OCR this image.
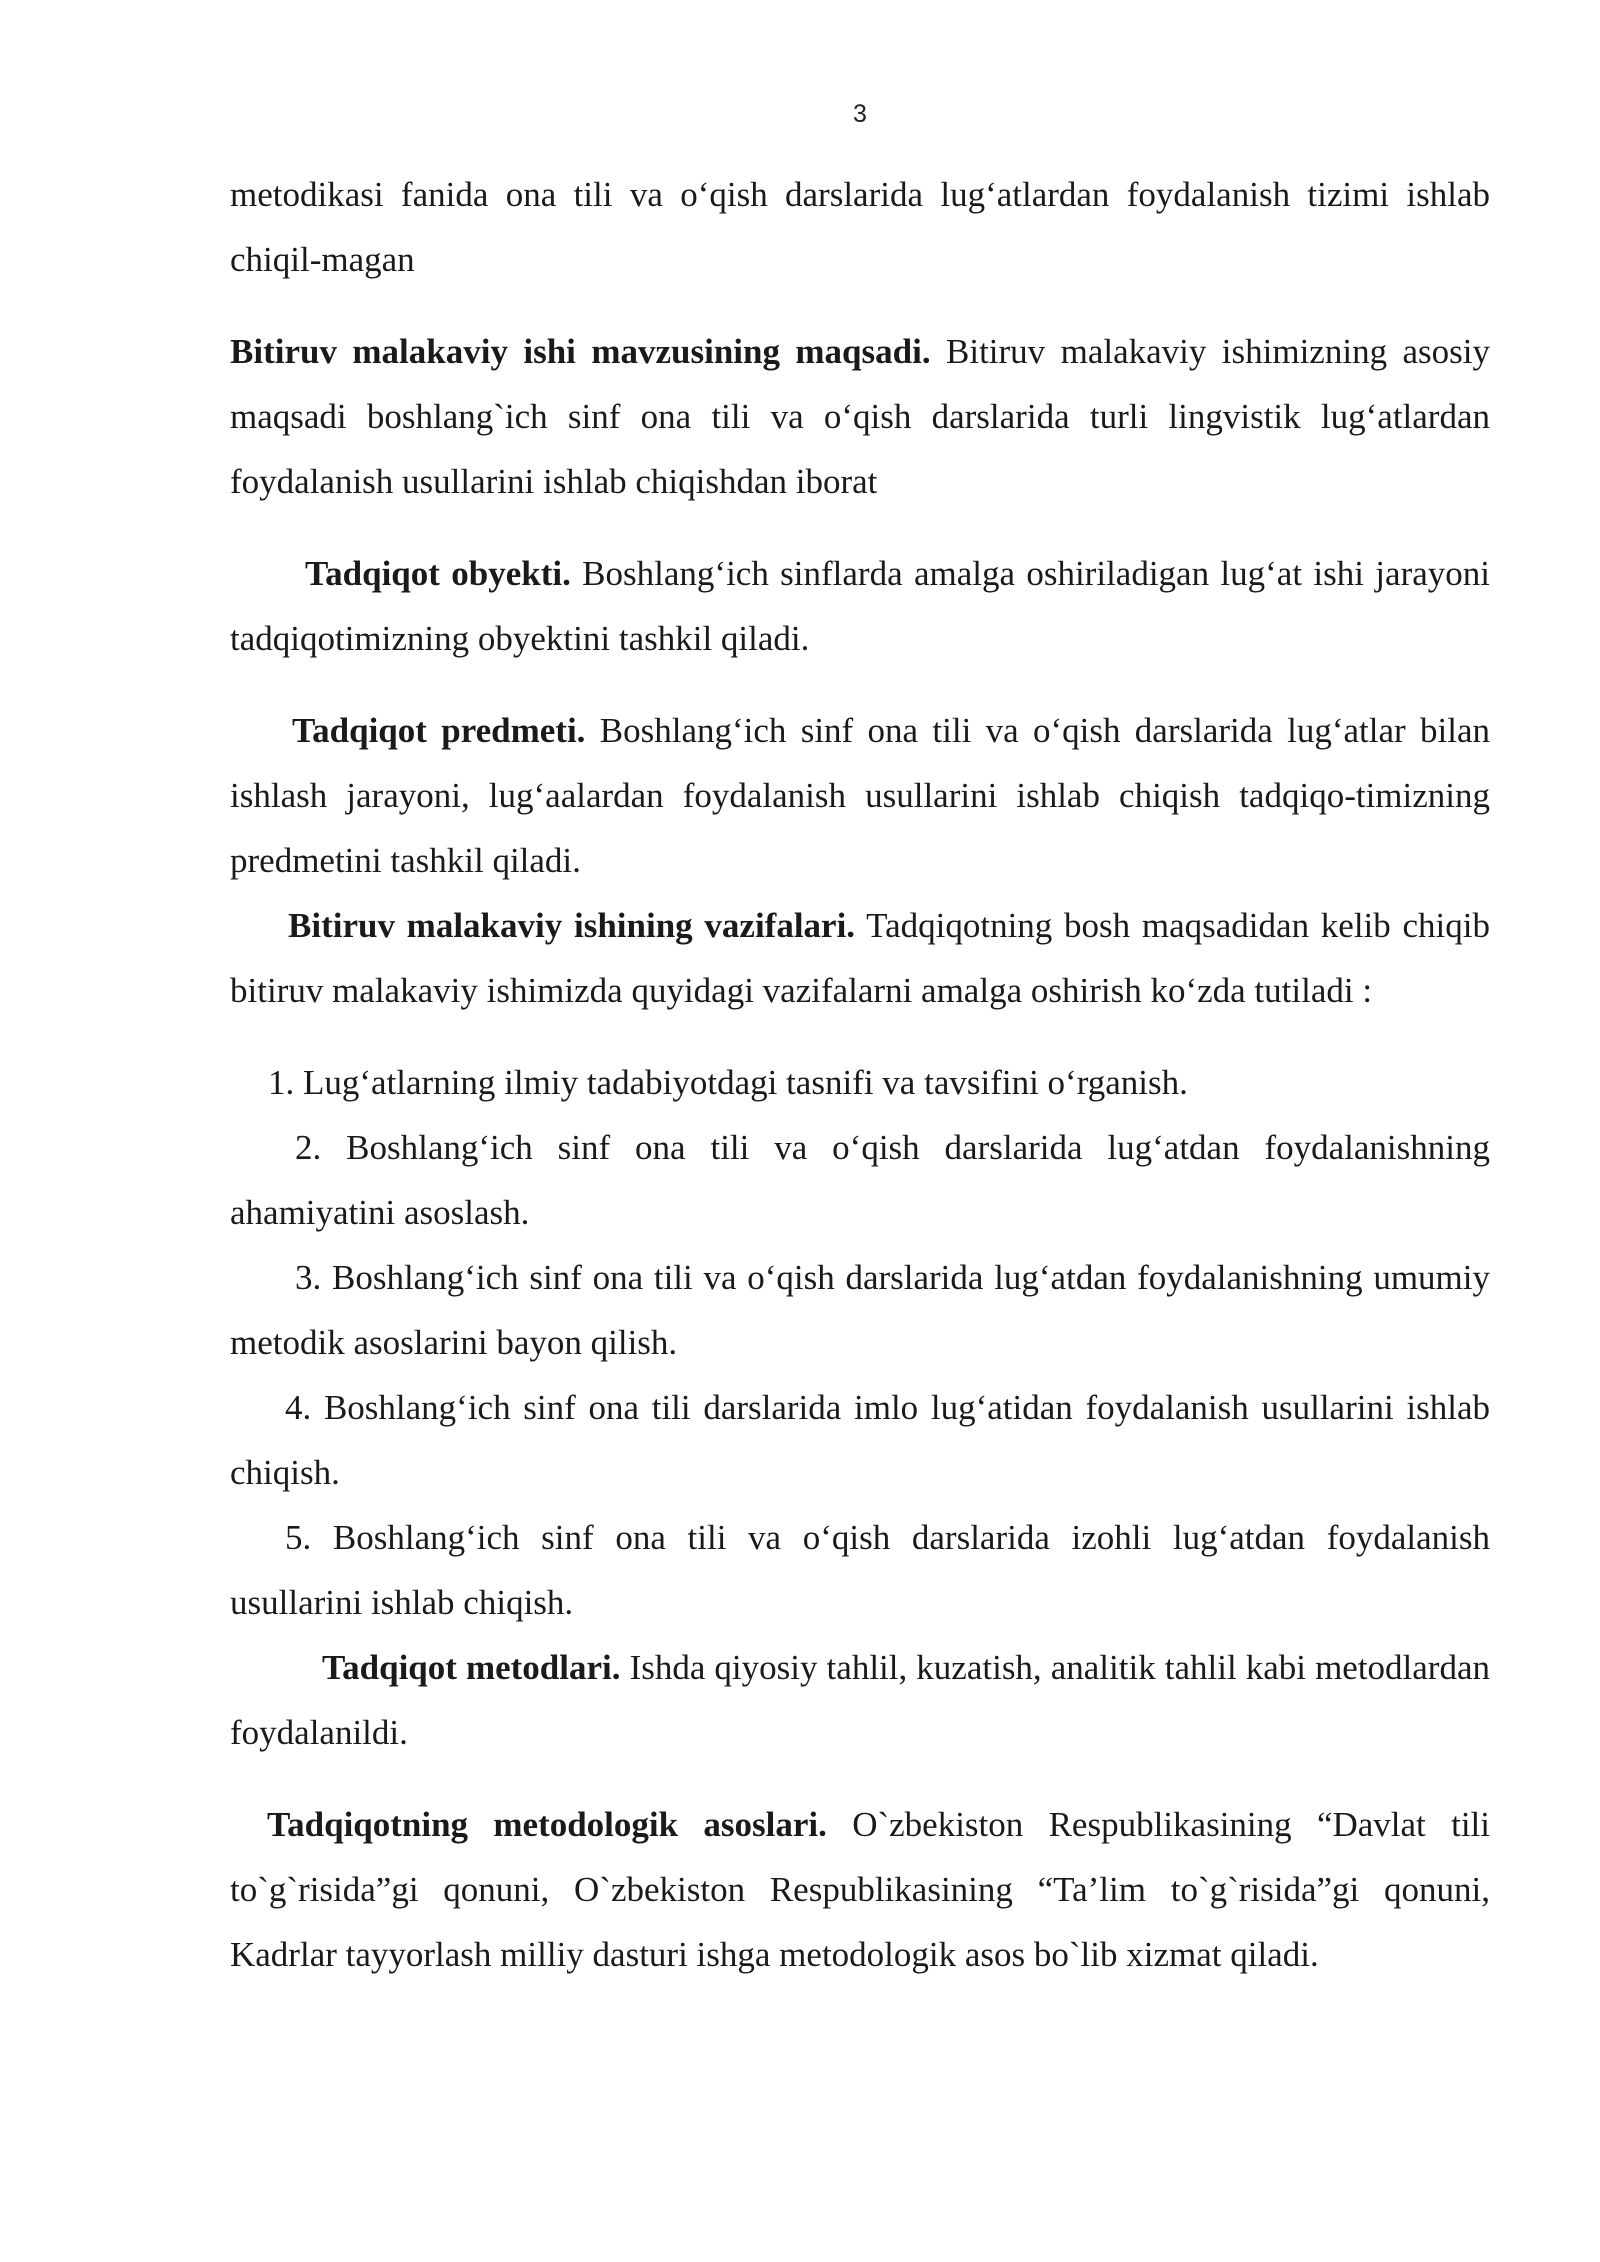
3

metodikasi fanida ona tili va o‘qish darslarida lug‘atlardan foydalanish tizimi ishlab chiqil-magan

Bitiruv malakaviy ishi mavzusining maqsadi. Bitiruv malakaviy ishimizning asosiy maqsadi boshlang`ich sinf ona tili va o‘qish darslarida turli lingvistik lug‘atlardan foydalanish usullarini ishlab chiqishdan iborat

Tadqiqot obyekti. Boshlang‘ich sinflarda amalga oshiriladigan lug‘at ishi jarayoni tadqiqotimizning obyektini tashkil qiladi.

Tadqiqot predmeti. Boshlang‘ich sinf ona tili va o‘qish darslarida lug‘atlar bilan ishlash jarayoni, lug‘aalardan foydalanish usullarini ishlab chiqish tadqiqo-timizning predmetini tashkil qiladi.

Bitiruv malakaviy ishining vazifalari. Tadqiqotning bosh maqsadidan kelib chiqib bitiruv malakaviy ishimizda quyidagi vazifalarni amalga oshirish ko‘zda tutiladi :

1. Lug‘atlarning ilmiy tadabiyotdagi tasnifi va tavsifini o‘rganish.

2. Boshlang‘ich sinf ona tili va o‘qish darslarida lug‘atdan foydalanishning ahamiyatini asoslash.

3. Boshlang‘ich sinf ona tili va o‘qish darslarida lug‘atdan foydalanishning umumiy metodik asoslarini bayon qilish.

4. Boshlang‘ich sinf ona tili darslarida imlo lug‘atidan foydalanish usullarini ishlab chiqish.

5. Boshlang‘ich sinf ona tili va o‘qish darslarida izohli lug‘atdan foydalanish usullarini ishlab chiqish.

Tadqiqot metodlari. Ishda qiyosiy tahlil, kuzatish, analitik tahlil kabi metodlardan foydalanildi.

Tadqiqotning metodologik asoslari. O`zbekiston Respublikasining “Davlat tili to`g`risida”gi qonuni, O`zbekiston Respublikasining “Ta’lim to`g`risida”gi qonuni, Kadrlar tayyorlash milliy dasturi ishga metodologik asos bo`lib xizmat qiladi.
